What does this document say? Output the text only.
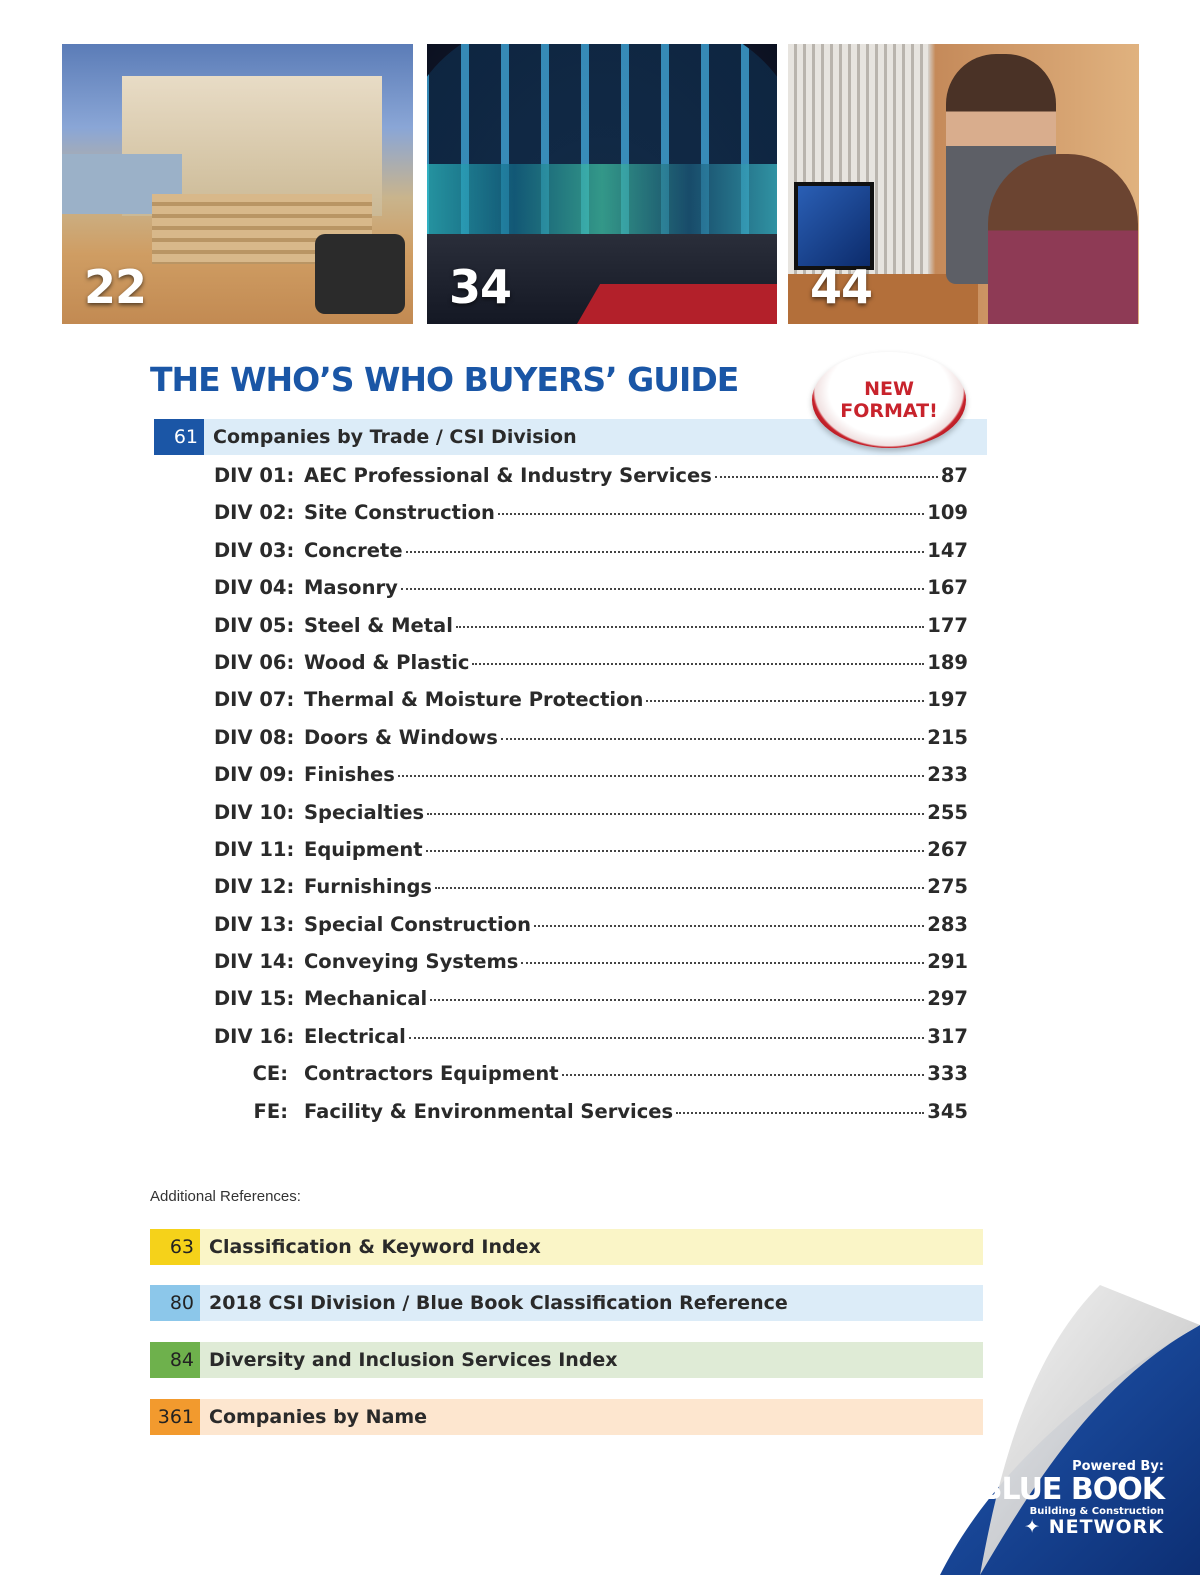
22	34	44
THE WHO’S WHO BUYERS’ GUIDE	NEW
FORMAT!
61 Companies by Trade / CSI Division
DIV 01: AEC Professional & Industry Services	87
DIV 02: Site Construction	109
DIV 03: Concrete	147
DIV 04: Masonry	167
DIV 05: Steel & Metal	177
DIV 06: Wood & Plastic	189
DIV 07: Thermal & Moisture Protection	197
DIV 08: Doors & Windows	215
DIV 09: Finishes	233
DIV 10: Specialties	255
DIV 11: Equipment	267
DIV 12: Furnishings	275
DIV 13: Special Construction	283
DIV 14: Conveying Systems	291
DIV 15: Mechanical	297
DIV 16: Electrical	317
CE: Contractors Equipment	333
FE: Facility & Environmental Services	345
Additional References:
63 Classification & Keyword Index
80 2018 CSI Division / Blue Book Classification Reference
84 Diversity and Inclusion Services Index
361 Companies by Name
Powered By:
THE BLUE BOOK
Building & Construction
✦ NETWORK
